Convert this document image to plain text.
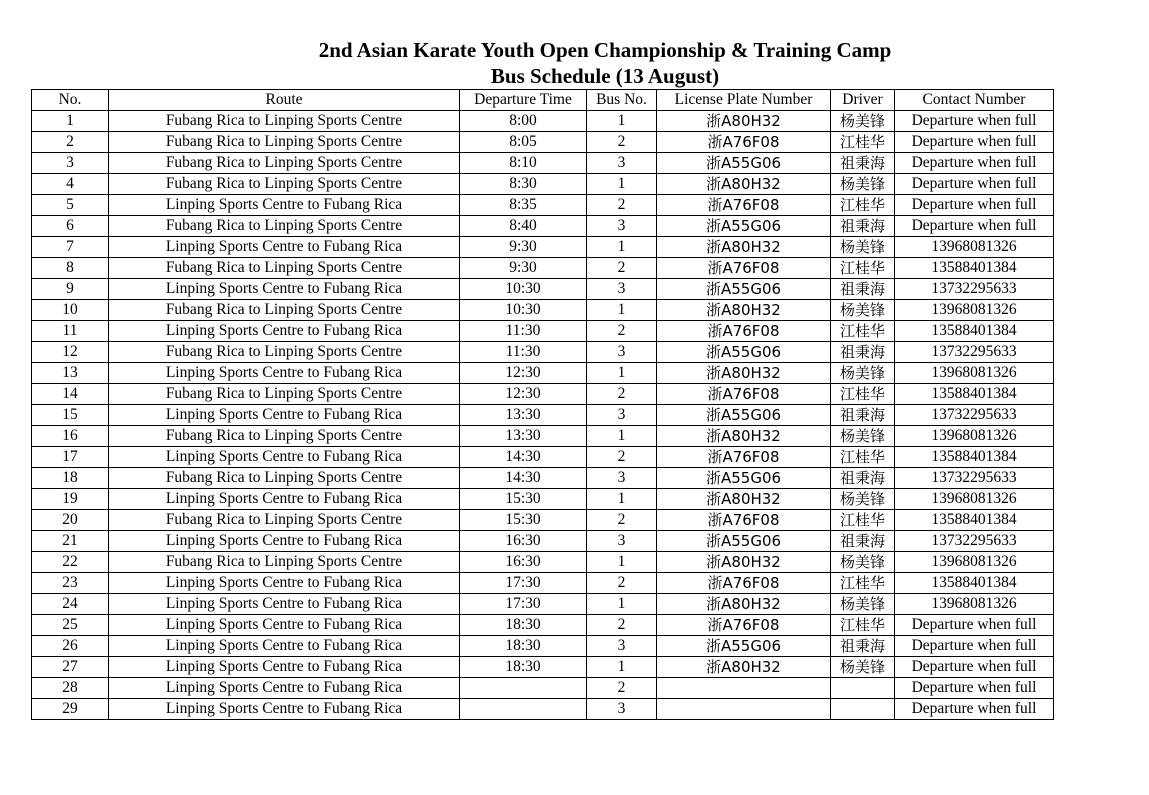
2nd Asian Karate Youth Open Championship & Training Camp
Bus Schedule (13 August)
No.	Route	Departure Time	Bus No.	License Plate Number	Driver	Contact Number
1	Fubang Rica to Linping Sports Centre	8:00	1	浙A80H32	杨美锋	Departure when full
2	Fubang Rica to Linping Sports Centre	8:05	2	浙A76F08	江桂华	Departure when full
3	Fubang Rica to Linping Sports Centre	8:10	3	浙A55G06	祖秉海	Departure when full
4	Fubang Rica to Linping Sports Centre	8:30	1	浙A80H32	杨美锋	Departure when full
5	Linping Sports Centre to Fubang Rica	8:35	2	浙A76F08	江桂华	Departure when full
6	Fubang Rica to Linping Sports Centre	8:40	3	浙A55G06	祖秉海	Departure when full
7	Linping Sports Centre to Fubang Rica	9:30	1	浙A80H32	杨美锋	13968081326
8	Fubang Rica to Linping Sports Centre	9:30	2	浙A76F08	江桂华	13588401384
9	Linping Sports Centre to Fubang Rica	10:30	3	浙A55G06	祖秉海	13732295633
10	Fubang Rica to Linping Sports Centre	10:30	1	浙A80H32	杨美锋	13968081326
11	Linping Sports Centre to Fubang Rica	11:30	2	浙A76F08	江桂华	13588401384
12	Fubang Rica to Linping Sports Centre	11:30	3	浙A55G06	祖秉海	13732295633
13	Linping Sports Centre to Fubang Rica	12:30	1	浙A80H32	杨美锋	13968081326
14	Fubang Rica to Linping Sports Centre	12:30	2	浙A76F08	江桂华	13588401384
15	Linping Sports Centre to Fubang Rica	13:30	3	浙A55G06	祖秉海	13732295633
16	Fubang Rica to Linping Sports Centre	13:30	1	浙A80H32	杨美锋	13968081326
17	Linping Sports Centre to Fubang Rica	14:30	2	浙A76F08	江桂华	13588401384
18	Fubang Rica to Linping Sports Centre	14:30	3	浙A55G06	祖秉海	13732295633
19	Linping Sports Centre to Fubang Rica	15:30	1	浙A80H32	杨美锋	13968081326
20	Fubang Rica to Linping Sports Centre	15:30	2	浙A76F08	江桂华	13588401384
21	Linping Sports Centre to Fubang Rica	16:30	3	浙A55G06	祖秉海	13732295633
22	Fubang Rica to Linping Sports Centre	16:30	1	浙A80H32	杨美锋	13968081326
23	Linping Sports Centre to Fubang Rica	17:30	2	浙A76F08	江桂华	13588401384
24	Linping Sports Centre to Fubang Rica	17:30	1	浙A80H32	杨美锋	13968081326
25	Linping Sports Centre to Fubang Rica	18:30	2	浙A76F08	江桂华	Departure when full
26	Linping Sports Centre to Fubang Rica	18:30	3	浙A55G06	祖秉海	Departure when full
27	Linping Sports Centre to Fubang Rica	18:30	1	浙A80H32	杨美锋	Departure when full
28	Linping Sports Centre to Fubang Rica		2			Departure when full
29	Linping Sports Centre to Fubang Rica		3			Departure when full
